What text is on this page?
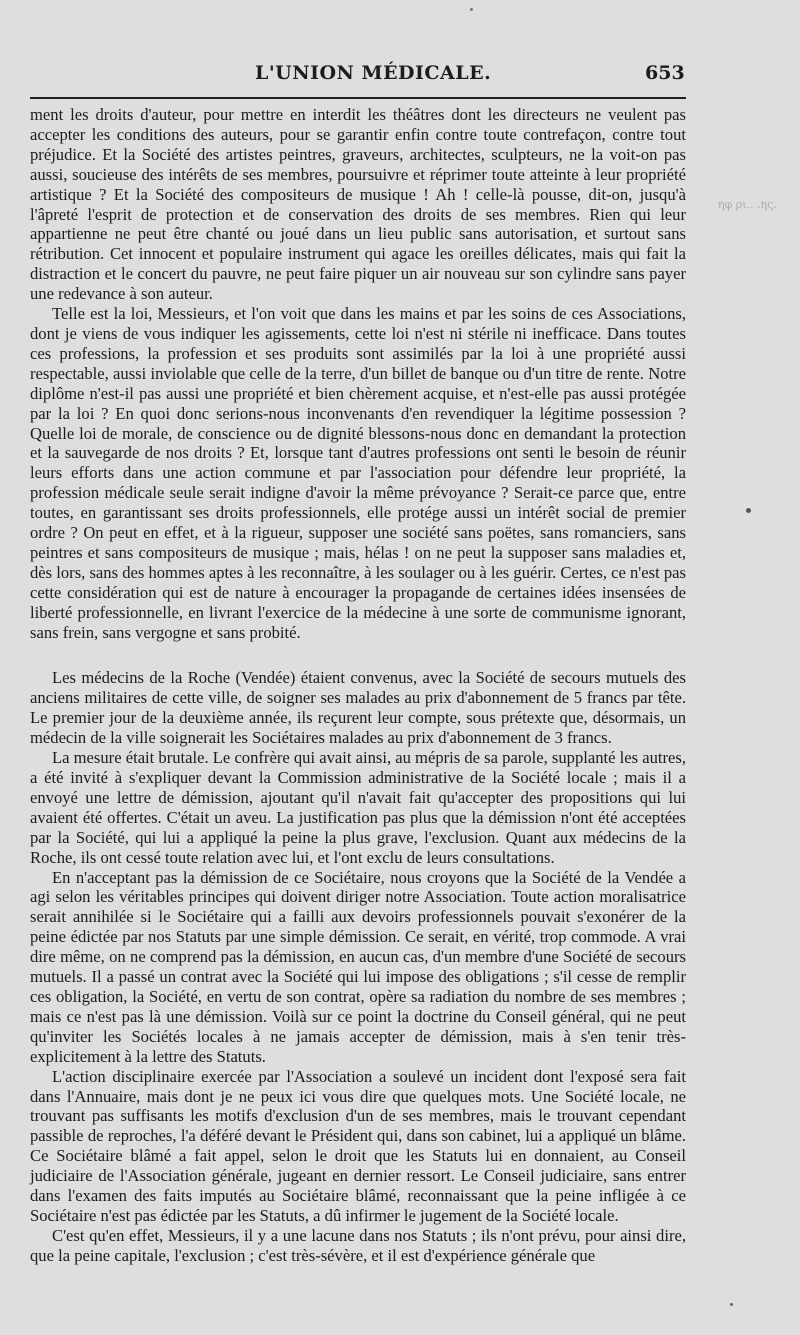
L'UNION MÉDICALE.	653
ηφ ρι.. .ης.

ment les droits d'auteur, pour mettre en interdit les théâtres dont les directeurs ne veulent pas accepter les conditions des auteurs, pour se garantir enfin contre toute contrefaçon, contre tout préjudice. Et la Société des artistes peintres, graveurs, architectes, sculpteurs, ne la voit-on pas aussi, soucieuse des intérêts de ses membres, poursuivre et réprimer toute atteinte à leur propriété artistique ? Et la Société des compositeurs de musique ! Ah ! celle-là pousse, dit-on, jusqu'à l'âpreté l'esprit de protection et de conservation des droits de ses membres. Rien qui leur appartienne ne peut être chanté ou joué dans un lieu public sans autorisation, et surtout sans rétribution. Cet innocent et populaire instrument qui agace les oreilles délicates, mais qui fait la distraction et le concert du pauvre, ne peut faire piquer un air nouveau sur son cylindre sans payer une redevance à son auteur.

Telle est la loi, Messieurs, et l'on voit que dans les mains et par les soins de ces Associations, dont je viens de vous indiquer les agissements, cette loi n'est ni stérile ni inefficace. Dans toutes ces professions, la profession et ses produits sont assimilés par la loi à une propriété aussi respectable, aussi inviolable que celle de la terre, d'un billet de banque ou d'un titre de rente. Notre diplôme n'est-il pas aussi une propriété et bien chèrement acquise, et n'est-elle pas aussi protégée par la loi ? En quoi donc serions-nous inconvenants d'en revendiquer la légitime possession ? Quelle loi de morale, de conscience ou de dignité blessons-nous donc en demandant la protection et la sauvegarde de nos droits ? Et, lorsque tant d'autres professions ont senti le besoin de réunir leurs efforts dans une action commune et par l'association pour défendre leur propriété, la profession médicale seule serait indigne d'avoir la même prévoyance ? Serait-ce parce que, entre toutes, en garantissant ses droits professionnels, elle protége aussi un intérêt social de premier ordre ? On peut en effet, et à la rigueur, supposer une société sans poëtes, sans romanciers, sans peintres et sans compositeurs de musique ; mais, hélas ! on ne peut la supposer sans maladies et, dès lors, sans des hommes aptes à les reconnaître, à les soulager ou à les guérir. Certes, ce n'est pas cette considération qui est de nature à encourager la propagande de certaines idées insensées de liberté professionnelle, en livrant l'exercice de la médecine à une sorte de communisme ignorant, sans frein, sans vergogne et sans probité.

Les médecins de la Roche (Vendée) étaient convenus, avec la Société de secours mutuels des anciens militaires de cette ville, de soigner ses malades au prix d'abonnement de 5 francs par tête. Le premier jour de la deuxième année, ils reçurent leur compte, sous prétexte que, désormais, un médecin de la ville soignerait les Sociétaires malades au prix d'abonnement de 3 francs.

La mesure était brutale. Le confrère qui avait ainsi, au mépris de sa parole, supplanté les autres, a été invité à s'expliquer devant la Commission administrative de la Société locale ; mais il a envoyé une lettre de démission, ajoutant qu'il n'avait fait qu'accepter des propositions qui lui avaient été offertes. C'était un aveu. La justification pas plus que la démission n'ont été acceptées par la Société, qui lui a appliqué la peine la plus grave, l'exclusion. Quant aux médecins de la Roche, ils ont cessé toute relation avec lui, et l'ont exclu de leurs consultations.

En n'acceptant pas la démission de ce Sociétaire, nous croyons que la Société de la Vendée a agi selon les véritables principes qui doivent diriger notre Association. Toute action moralisatrice serait annihilée si le Sociétaire qui a failli aux devoirs professionnels pouvait s'exonérer de la peine édictée par nos Statuts par une simple démission. Ce serait, en vérité, trop commode. A vrai dire même, on ne comprend pas la démission, en aucun cas, d'un membre d'une Société de secours mutuels. Il a passé un contrat avec la Société qui lui impose des obligations ; s'il cesse de remplir ces obligation, la Société, en vertu de son contrat, opère sa radiation du nombre de ses membres ; mais ce n'est pas là une démission. Voilà sur ce point la doctrine du Conseil général, qui ne peut qu'inviter les Sociétés locales à ne jamais accepter de démission, mais à s'en tenir très-explicitement à la lettre des Statuts.

L'action disciplinaire exercée par l'Association a soulevé un incident dont l'exposé sera fait dans l'Annuaire, mais dont je ne peux ici vous dire que quelques mots. Une Société locale, ne trouvant pas suffisants les motifs d'exclusion d'un de ses membres, mais le trouvant cependant passible de reproches, l'a déféré devant le Président qui, dans son cabinet, lui a appliqué un blâme. Ce Sociétaire blâmé a fait appel, selon le droit que les Statuts lui en donnaient, au Conseil judiciaire de l'Association générale, jugeant en dernier ressort. Le Conseil judiciaire, sans entrer dans l'examen des faits imputés au Sociétaire blâmé, reconnaissant que la peine infligée à ce Sociétaire n'est pas édictée par les Statuts, a dû infirmer le jugement de la Société locale.

C'est qu'en effet, Messieurs, il y a une lacune dans nos Statuts ; ils n'ont prévu, pour ainsi dire, que la peine capitale, l'exclusion ; c'est très-sévère, et il est d'expérience générale que
